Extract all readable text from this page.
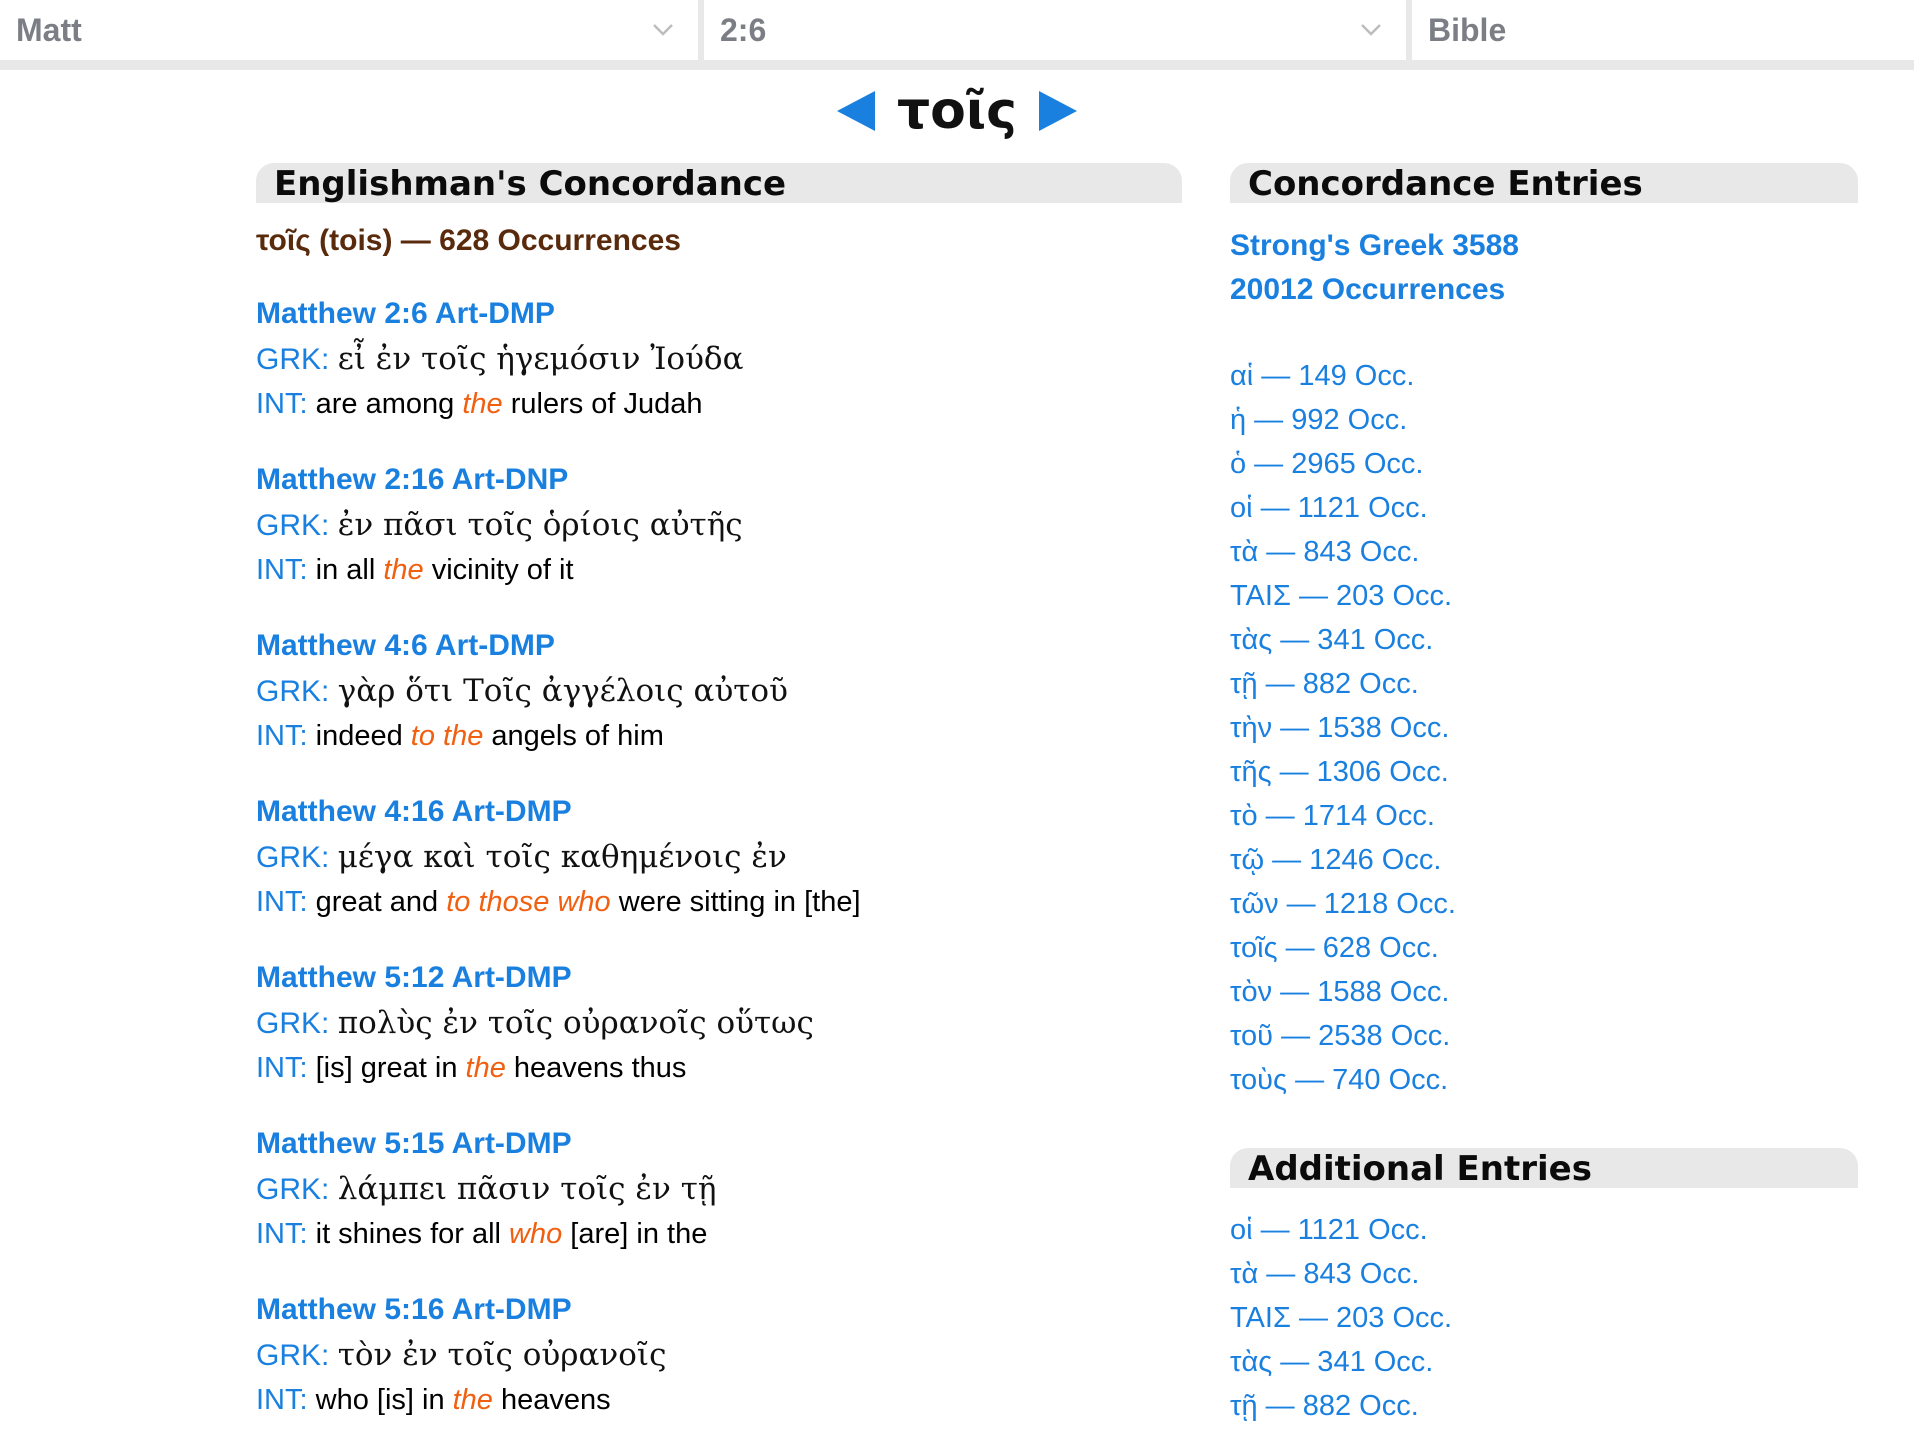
Matt	2:6	Bible
τοῖς
Englishman's Concordance
τοῖς (tois) — 628 Occurrences
Matthew 2:6 Art-DMP
GRK: εἶ ἐν τοῖς ἡγεμόσιν Ἰούδα
INT: are among the rulers of Judah
Matthew 2:16 Art-DNP
GRK: ἐν πᾶσι τοῖς ὁρίοις αὐτῆς
INT: in all the vicinity of it
Matthew 4:6 Art-DMP
GRK: γὰρ ὅτι Τοῖς ἀγγέλοις αὐτοῦ
INT: indeed to the angels of him
Matthew 4:16 Art-DMP
GRK: μέγα καὶ τοῖς καθημένοις ἐν
INT: great and to those who were sitting in [the]
Matthew 5:12 Art-DMP
GRK: πολὺς ἐν τοῖς οὐρανοῖς οὕτως
INT: [is] great in the heavens thus
Matthew 5:15 Art-DMP
GRK: λάμπει πᾶσιν τοῖς ἐν τῇ
INT: it shines for all who [are] in the
Matthew 5:16 Art-DMP
GRK: τὸν ἐν τοῖς οὐρανοῖς
INT: who [is] in the heavens
Concordance Entries
Strong's Greek 3588
20012 Occurrences
αἱ — 149 Occ.
ἡ — 992 Occ.
ὁ — 2965 Occ.
οἱ — 1121 Occ.
τὰ — 843 Occ.
ΤΑΙΣ — 203 Occ.
τὰς — 341 Occ.
τῇ — 882 Occ.
τὴν — 1538 Occ.
τῆς — 1306 Occ.
τὸ — 1714 Occ.
τῷ — 1246 Occ.
τῶν — 1218 Occ.
τοῖς — 628 Occ.
τὸν — 1588 Occ.
τοῦ — 2538 Occ.
τοὺς — 740 Occ.
Additional Entries
οἱ — 1121 Occ.
τὰ — 843 Occ.
ΤΑΙΣ — 203 Occ.
τὰς — 341 Occ.
τῇ — 882 Occ.
